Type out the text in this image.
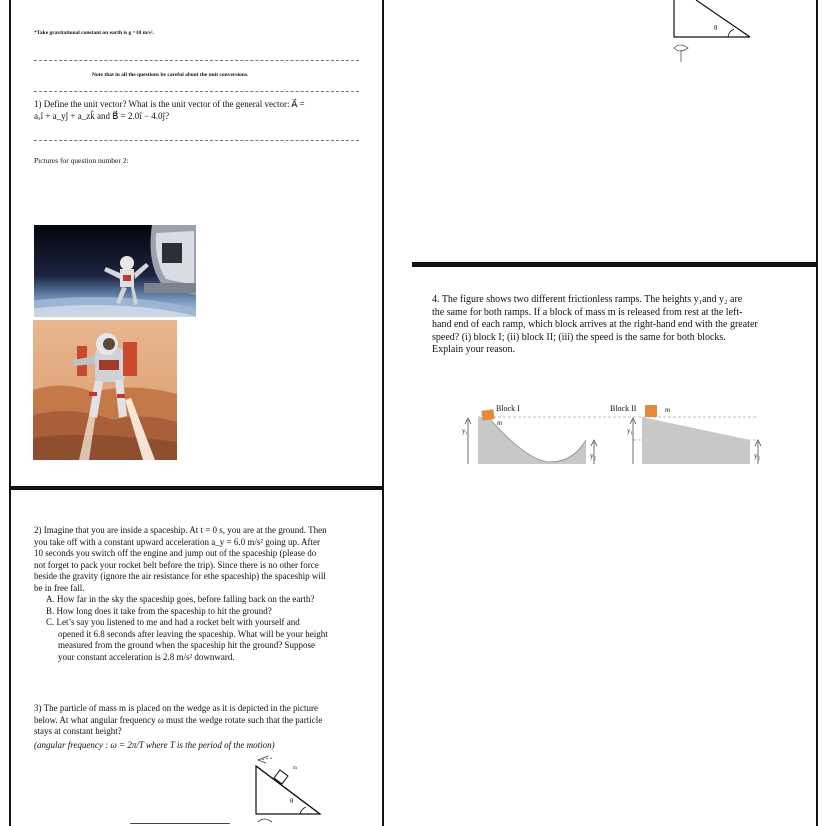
*Take gravitational constant on earth is g =10 m/s².
Note that in all the questions be careful about the unit conversions.
1) Define the unit vector? What is the unit vector of the general vector: A⃗ =
aₓî + a_yĵ + a_zk̂ and B⃗ = 2.0î − 4.0ĵ?
Pictures for question number 2:
2) Imagine that you are inside a spaceship. At t = 0 s, you are at the ground. Then
you take off with a constant upward acceleration a_y = 6.0 m/s² going up. After
10 seconds you switch off the engine and jump out of the spaceship (please do
not forget to pack your rocket belt before the trip). Since there is no other force
beside the gravity (ignore the air resistance for ethe spaceship) the spaceship will
be in free fall.
A. How far in the sky the spaceship goes, before falling back on the earth?
B. How long does it take from the spaceship to hit the ground?
C. Let’s say you listened to me and had a rocket belt with yourself and
opened it 6.8 seconds after leaving the spaceship. What will be your height
measured from the ground when the spaceship hit the ground? Suppose
your constant acceleration is 2.8 m/s² downward.
3) The particle of mass m is placed on the wedge as it is depicted in the picture
below. At what angular frequency ω must the wedge rotate such that the particle
stays at constant height?
(angular frequency : ω = 2π/T where T is the period of the motion)
θ
m
θ
4. The figure shows two different frictionless ramps. The heights y₁and y₂ are
the same for both ramps. If a block of mass m is released from rest at the left-
hand end of each ramp, which block arrives at the right-hand end with the greater
speed? (i) block I; (ii) block II; (iii) the speed is the same for both blocks.
Explain your reason.
Block I	Block II
m
m
y₁	y₁
y₂	y₂
